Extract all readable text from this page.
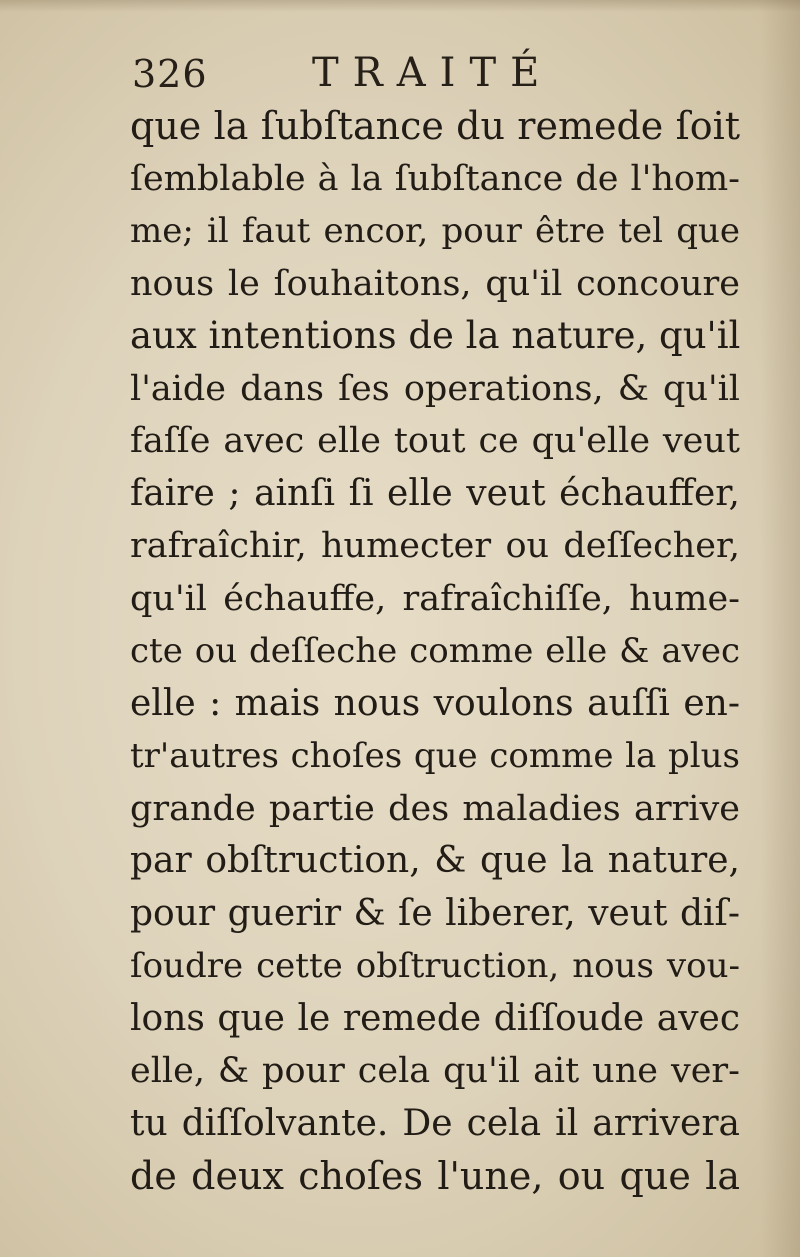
326	TRAITÉ
que la ſubſtance du remede ſoit
ſemblable à la ſubſtance de l'hom-
me; il faut encor, pour être tel que
nous le ſouhaitons, qu'il concoure
aux intentions de la nature, qu'il
l'aide dans ſes operations, & qu'il
faſſe avec elle tout ce qu'elle veut
faire ; ainſi ſi elle veut échauffer,
rafraîchir, humecter ou deſſecher,
qu'il échauffe, rafraîchiſſe, hume-
cte ou deſſeche comme elle & avec
elle : mais nous voulons auſſi en-
tr'autres choſes que comme la plus
grande partie des maladies arrive
par obſtruction, & que la nature,
pour guerir & ſe liberer, veut diſ-
ſoudre cette obſtruction, nous vou-
lons que le remede diſſoude avec
elle, & pour cela qu'il ait une ver-
tu diſſolvante. De cela il arrivera
de deux choſes l'une, ou que la
